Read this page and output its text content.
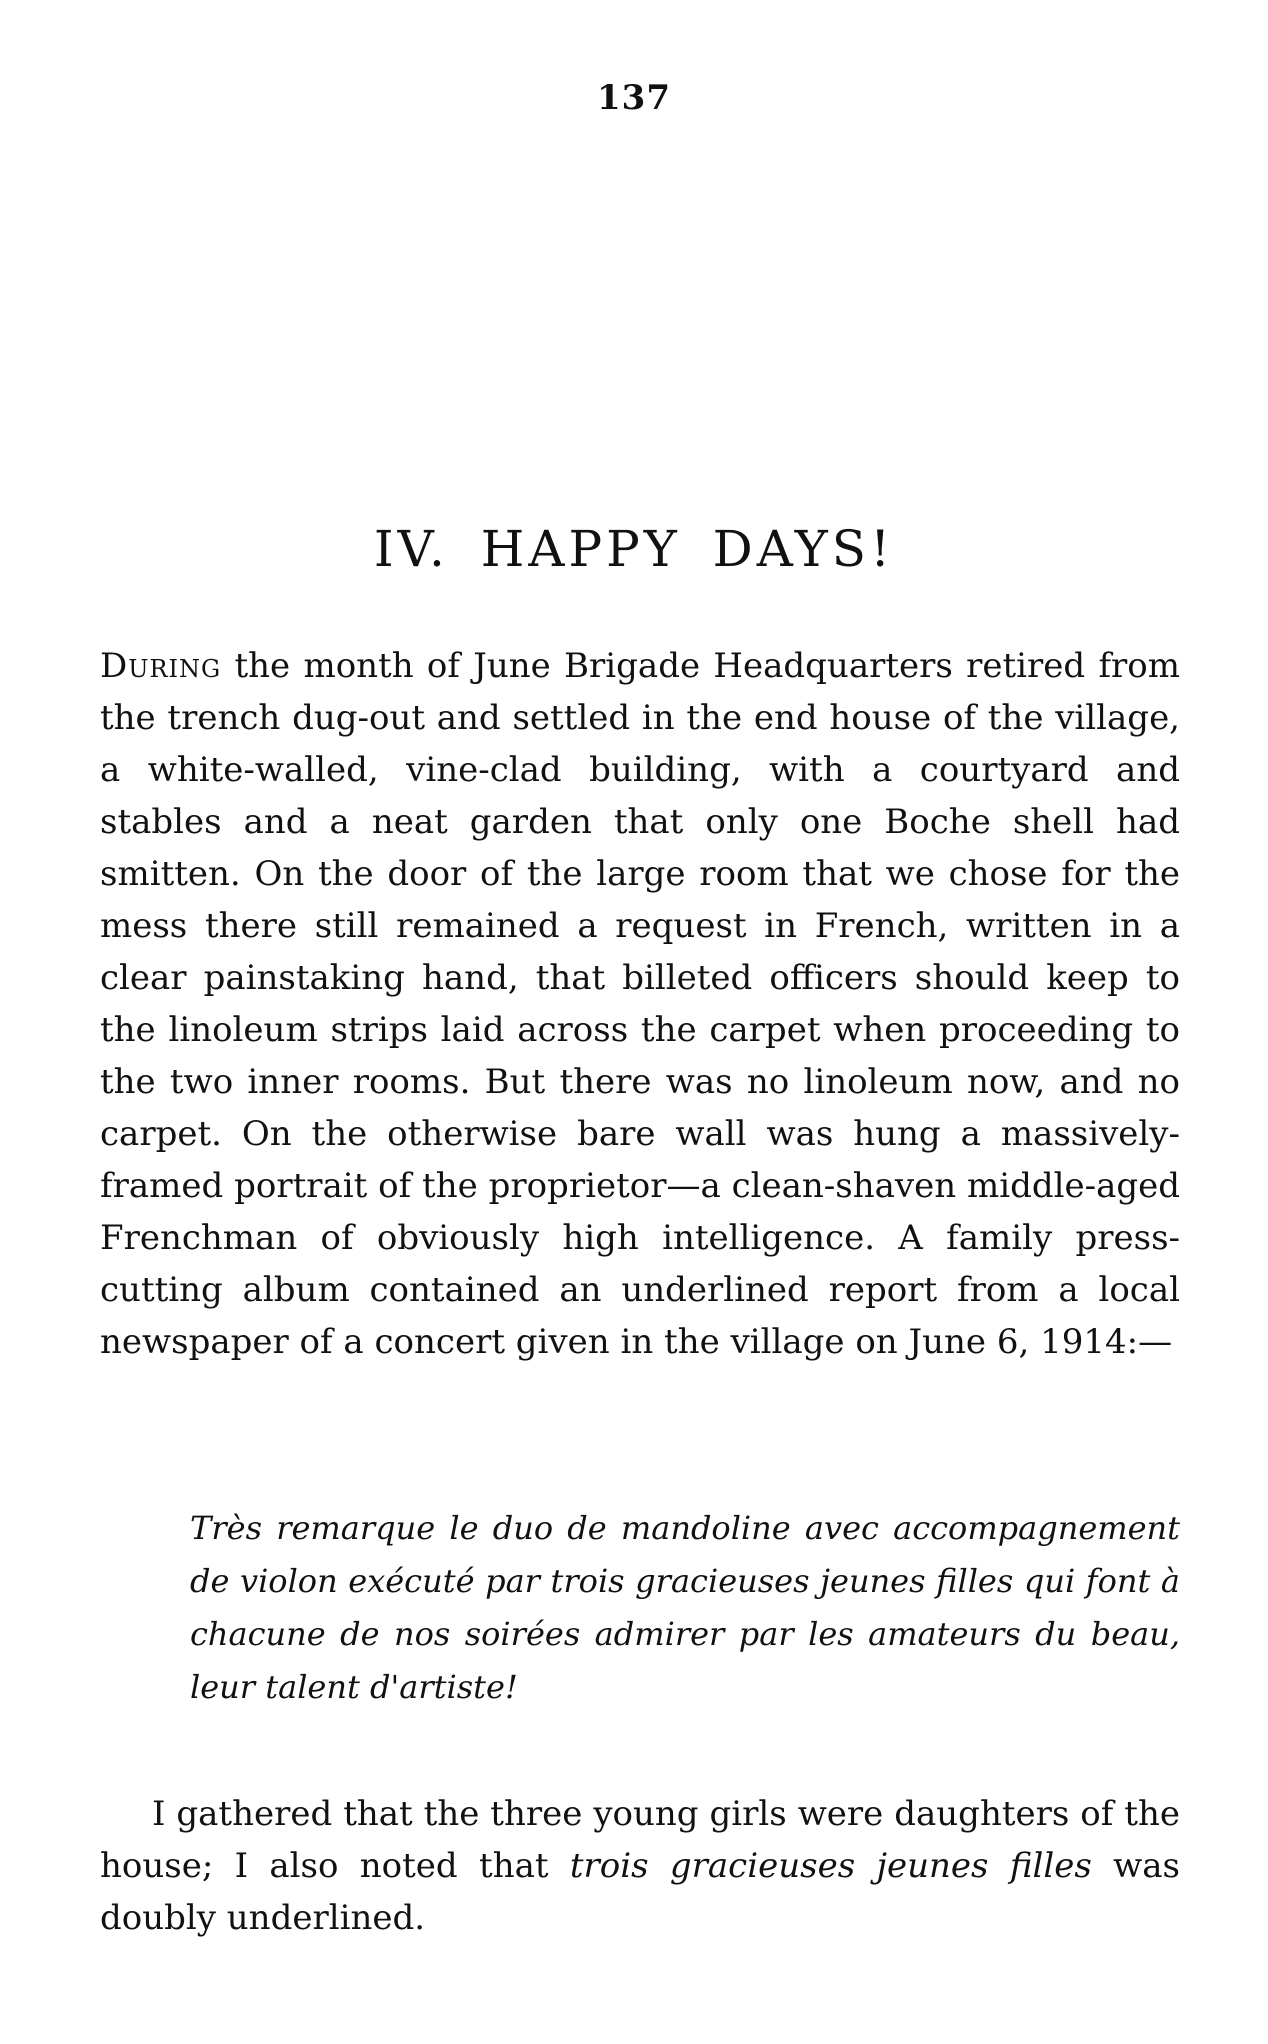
137
IV. HAPPY DAYS!

During the month of June Brigade Headquarters retired from the trench dug-out and settled in the end house of the village, a white-walled, vine-clad building, with a courtyard and stables and a neat garden that only one Boche shell had smitten. On the door of the large room that we chose for the mess there still remained a request in French, written in a clear painstaking hand, that billeted officers should keep to the linoleum strips laid across the carpet when proceeding to the two inner rooms. But there was no linoleum now, and no carpet. On the otherwise bare wall was hung a massively-framed portrait of the proprietor—a clean-shaven middle-aged Frenchman of obviously high intelligence. A family press-cutting album contained an underlined report from a local newspaper of a concert given in the village on June 6, 1914:—

Très remarque le duo de mandoline avec accompagnement de violon exécuté par trois gracieuses jeunes filles qui font à chacune de nos soirées admirer par les amateurs du beau, leur talent d'artiste!

I gathered that the three young girls were daughters of the house; I also noted that trois gracieuses jeunes filles was doubly underlined.
